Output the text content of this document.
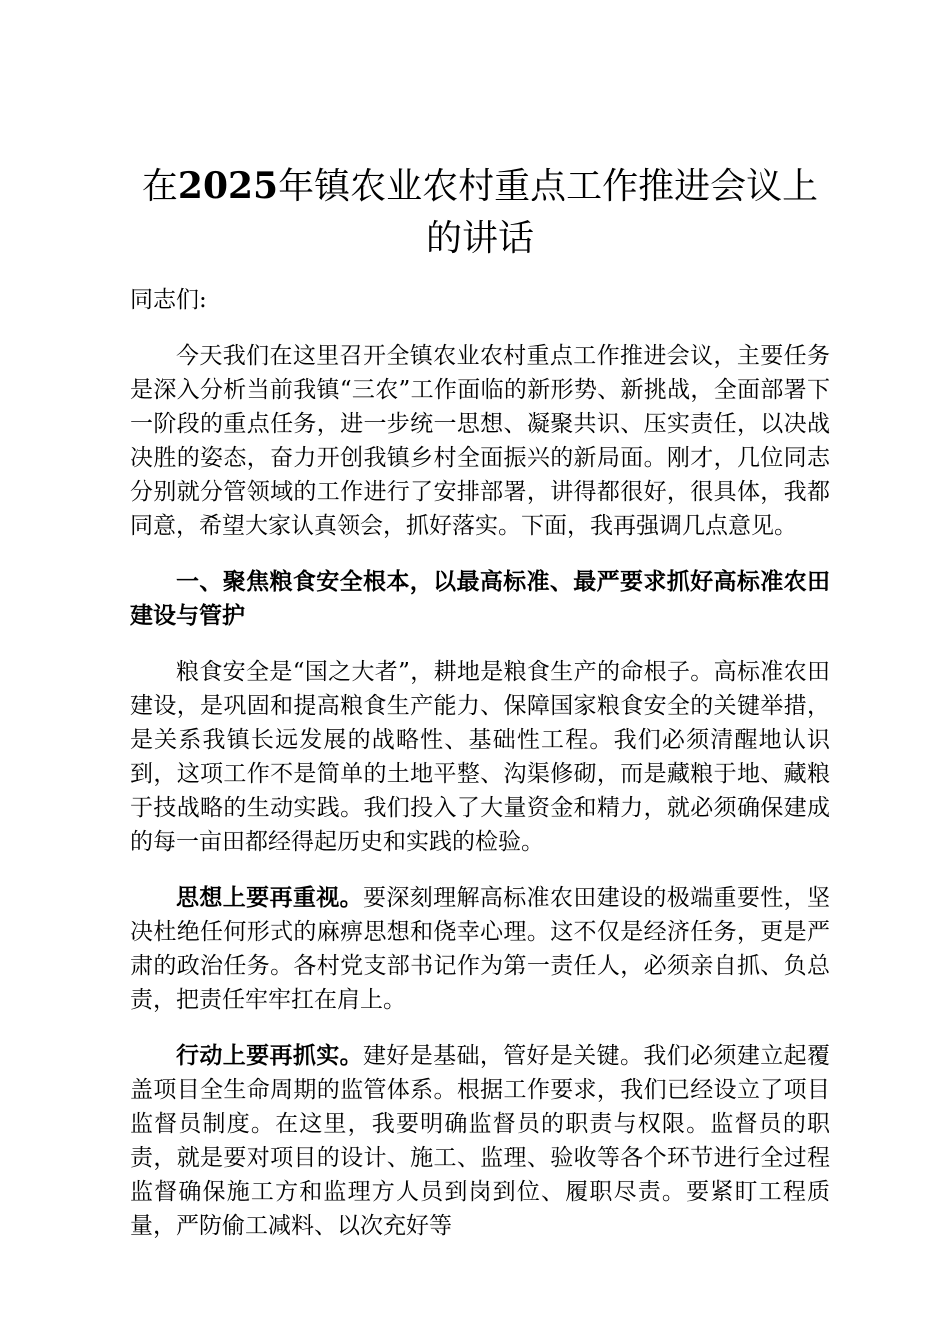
在2025年镇农业农村重点工作推进会议上的讲话
同志们:

今天我们在这里召开全镇农业农村重点工作推进会议，主要任务是深入分析当前我镇“三农”工作面临的新形势、新挑战，全面部署下一阶段的重点任务，进一步统一思想、凝聚共识、压实责任，以决战决胜的姿态，奋力开创我镇乡村全面振兴的新局面。刚才，几位同志分别就分管领域的工作进行了安排部署，讲得都很好，很具体，我都同意，希望大家认真领会，抓好落实。下面，我再强调几点意见。

一、聚焦粮食安全根本，以最高标准、最严要求抓好高标准农田建设与管护

粮食安全是“国之大者”，耕地是粮食生产的命根子。高标准农田建设，是巩固和提高粮食生产能力、保障国家粮食安全的关键举措，是关系我镇长远发展的战略性、基础性工程。我们必须清醒地认识到，这项工作不是简单的土地平整、沟渠修砌，而是藏粮于地、藏粮于技战略的生动实践。我们投入了大量资金和精力，就必须确保建成的每一亩田都经得起历史和实践的检验。

思想上要再重视。要深刻理解高标准农田建设的极端重要性，坚决杜绝任何形式的麻痹思想和侥幸心理。这不仅是经济任务，更是严肃的政治任务。各村党支部书记作为第一责任人，必须亲自抓、负总责，把责任牢牢扛在肩上。

行动上要再抓实。建好是基础，管好是关键。我们必须建立起覆盖项目全生命周期的监管体系。根据工作要求，我们已经设立了项目监督员制度。在这里，我要明确监督员的职责与权限。监督员的职责，就是要对项目的设计、施工、监理、验收等各个环节进行全过程监督确保施工方和监理方人员到岗到位、履职尽责。要紧盯工程质量，严防偷工减料、以次充好等
